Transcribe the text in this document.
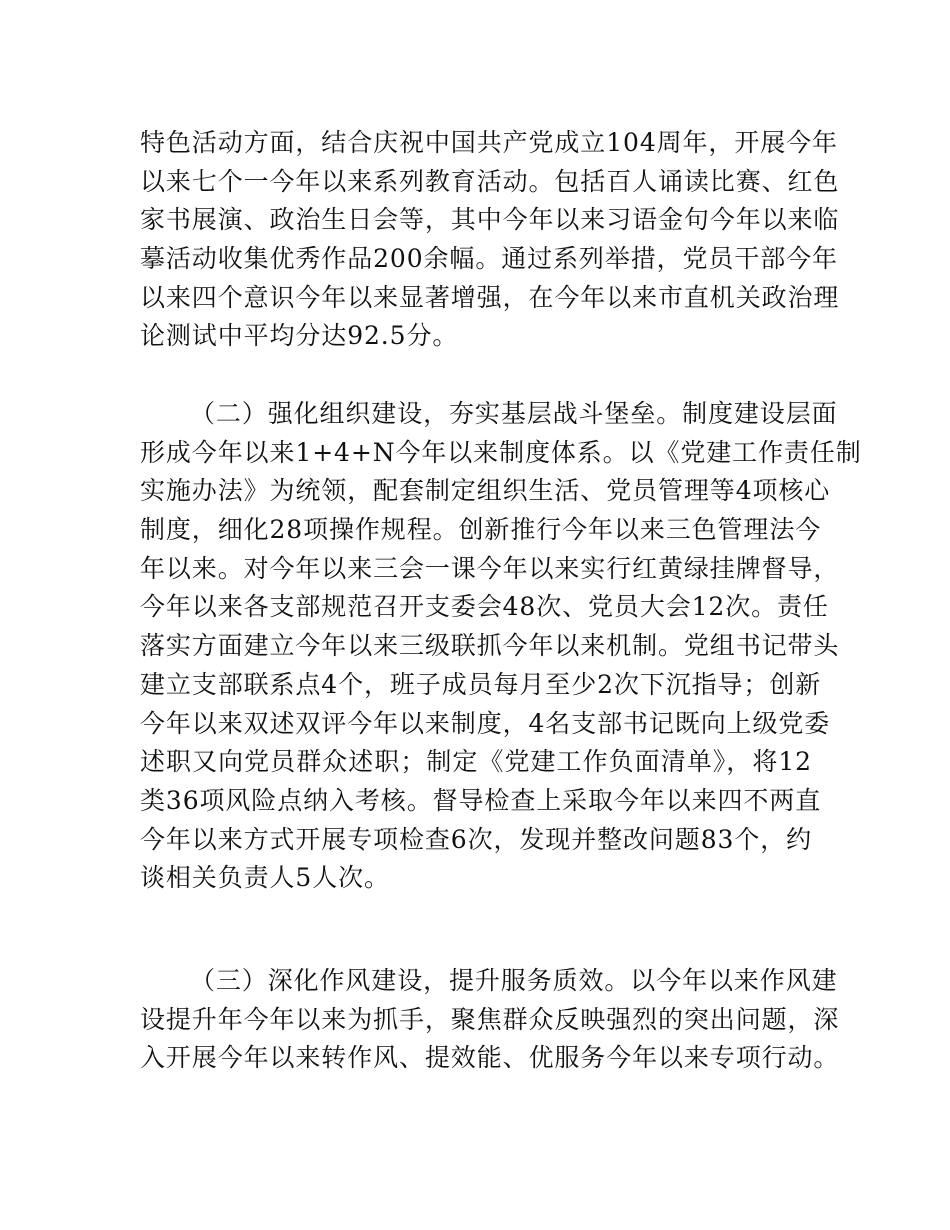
特色活动方面，结合庆祝中国共产党成立104周年，开展今年
以来七个一今年以来系列教育活动。包括百人诵读比赛、红色
家书展演、政治生日会等，其中今年以来习语金句今年以来临
摹活动收集优秀作品200余幅。通过系列举措，党员干部今年
以来四个意识今年以来显著增强，在今年以来市直机关政治理
论测试中平均分达92.5分。
（二）强化组织建设，夯实基层战斗堡垒。制度建设层面
形成今年以来1+4+N今年以来制度体系。以《党建工作责任制
实施办法》为统领，配套制定组织生活、党员管理等4项核心
制度，细化28项操作规程。创新推行今年以来三色管理法今
年以来。对今年以来三会一课今年以来实行红黄绿挂牌督导，
今年以来各支部规范召开支委会48次、党员大会12次。责任
落实方面建立今年以来三级联抓今年以来机制。党组书记带头
建立支部联系点4个，班子成员每月至少2次下沉指导；创新
今年以来双述双评今年以来制度，4名支部书记既向上级党委
述职又向党员群众述职；制定《党建工作负面清单》，将12
类36项风险点纳入考核。督导检查上采取今年以来四不两直
今年以来方式开展专项检查6次，发现并整改问题83个，约
谈相关负责人5人次。
（三）深化作风建设，提升服务质效。以今年以来作风建
设提升年今年以来为抓手，聚焦群众反映强烈的突出问题，深
入开展今年以来转作风、提效能、优服务今年以来专项行动。
